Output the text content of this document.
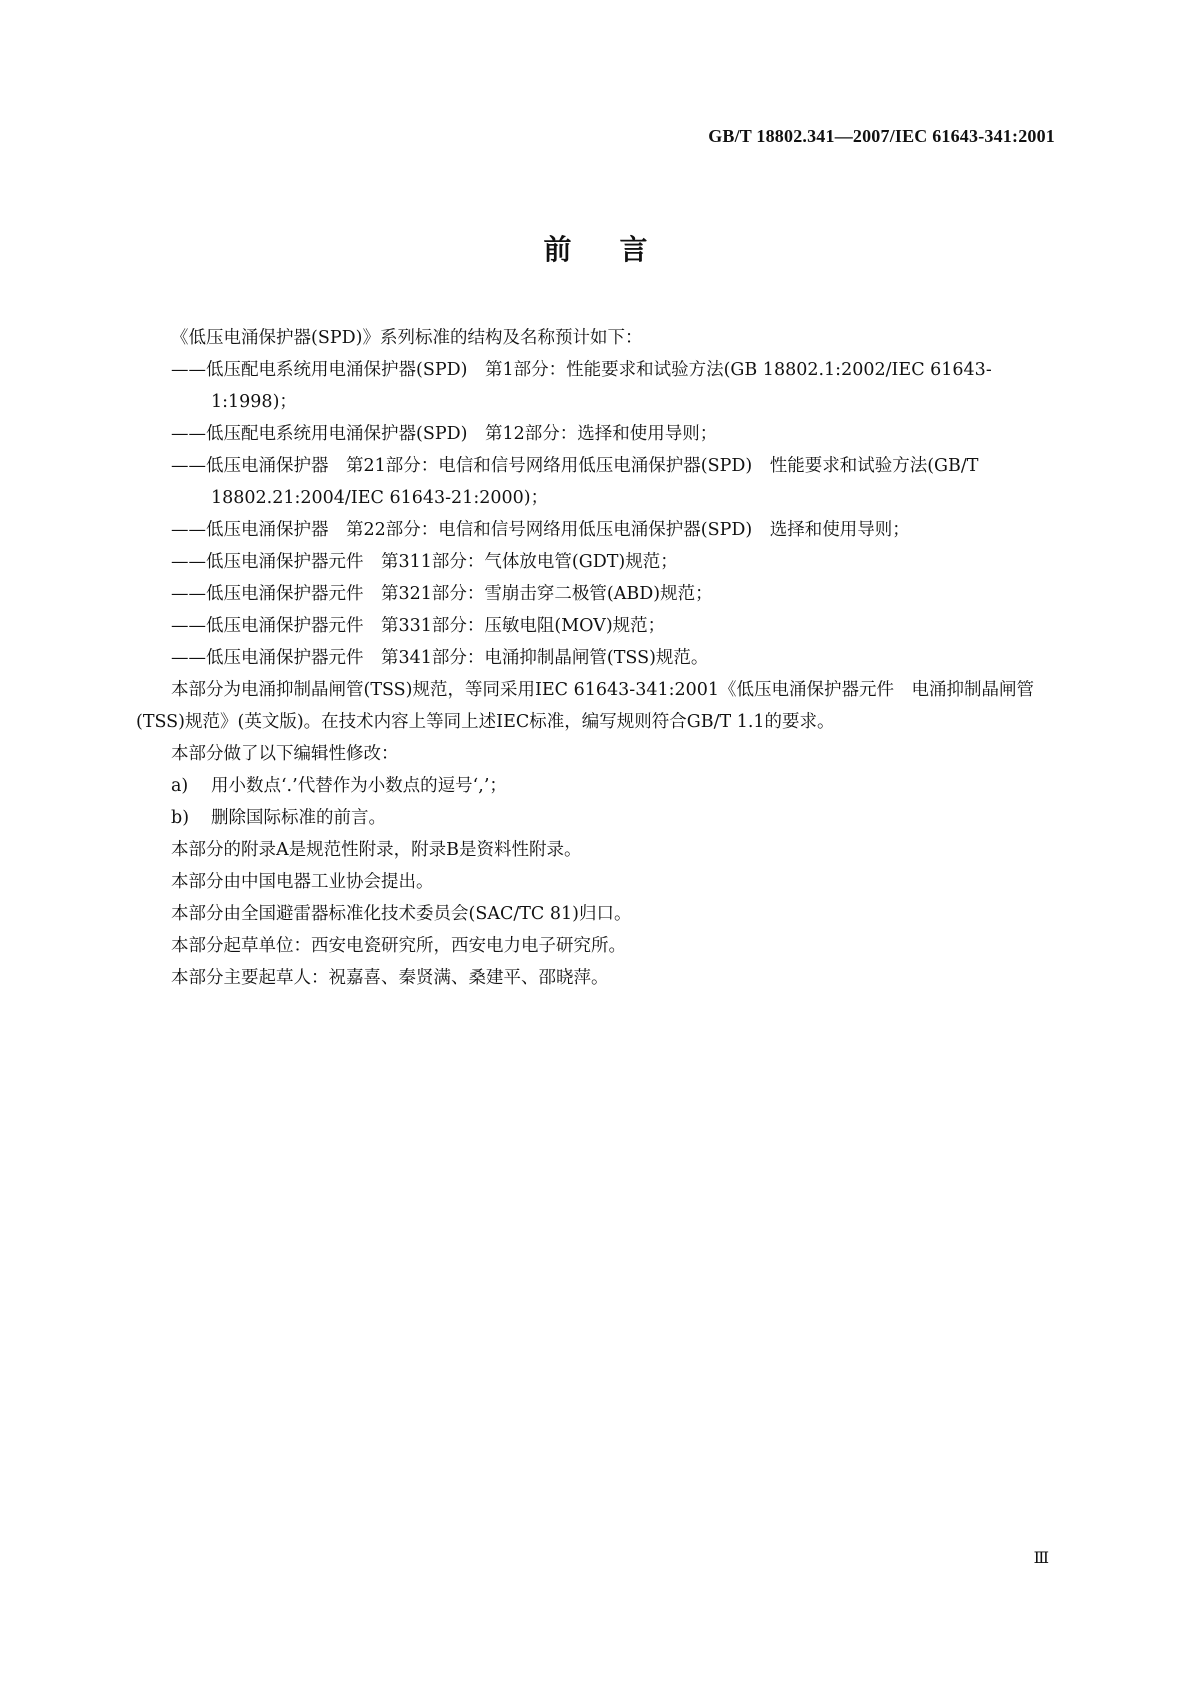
GB/T 18802.341—2007/IEC 61643-341:2001
前言

《低压电涌保护器(SPD)》系列标准的结构及名称预计如下：

——低压配电系统用电涌保护器(SPD)　第1部分：性能要求和试验方法(GB 18802.1:2002/IEC 61643-1:1998)；

——低压配电系统用电涌保护器(SPD)　第12部分：选择和使用导则；

——低压电涌保护器　第21部分：电信和信号网络用低压电涌保护器(SPD)　性能要求和试验方法(GB/T 18802.21:2004/IEC 61643-21:2000)；

——低压电涌保护器　第22部分：电信和信号网络用低压电涌保护器(SPD)　选择和使用导则；

——低压电涌保护器元件　第311部分：气体放电管(GDT)规范；

——低压电涌保护器元件　第321部分：雪崩击穿二极管(ABD)规范；

——低压电涌保护器元件　第331部分：压敏电阻(MOV)规范；

——低压电涌保护器元件　第341部分：电涌抑制晶闸管(TSS)规范。

本部分为电涌抑制晶闸管(TSS)规范，等同采用IEC 61643-341:2001《低压电涌保护器元件　电涌抑制晶闸管(TSS)规范》(英文版)。在技术内容上等同上述IEC标准，编写规则符合GB/T 1.1的要求。

本部分做了以下编辑性修改：

a) 用小数点‘.’代替作为小数点的逗号‘,’；

b) 删除国际标准的前言。

本部分的附录A是规范性附录，附录B是资料性附录。

本部分由中国电器工业协会提出。

本部分由全国避雷器标准化技术委员会(SAC/TC 81)归口。

本部分起草单位：西安电瓷研究所，西安电力电子研究所。

本部分主要起草人：祝嘉喜、秦贤满、桑建平、邵晓萍。

Ⅲ
